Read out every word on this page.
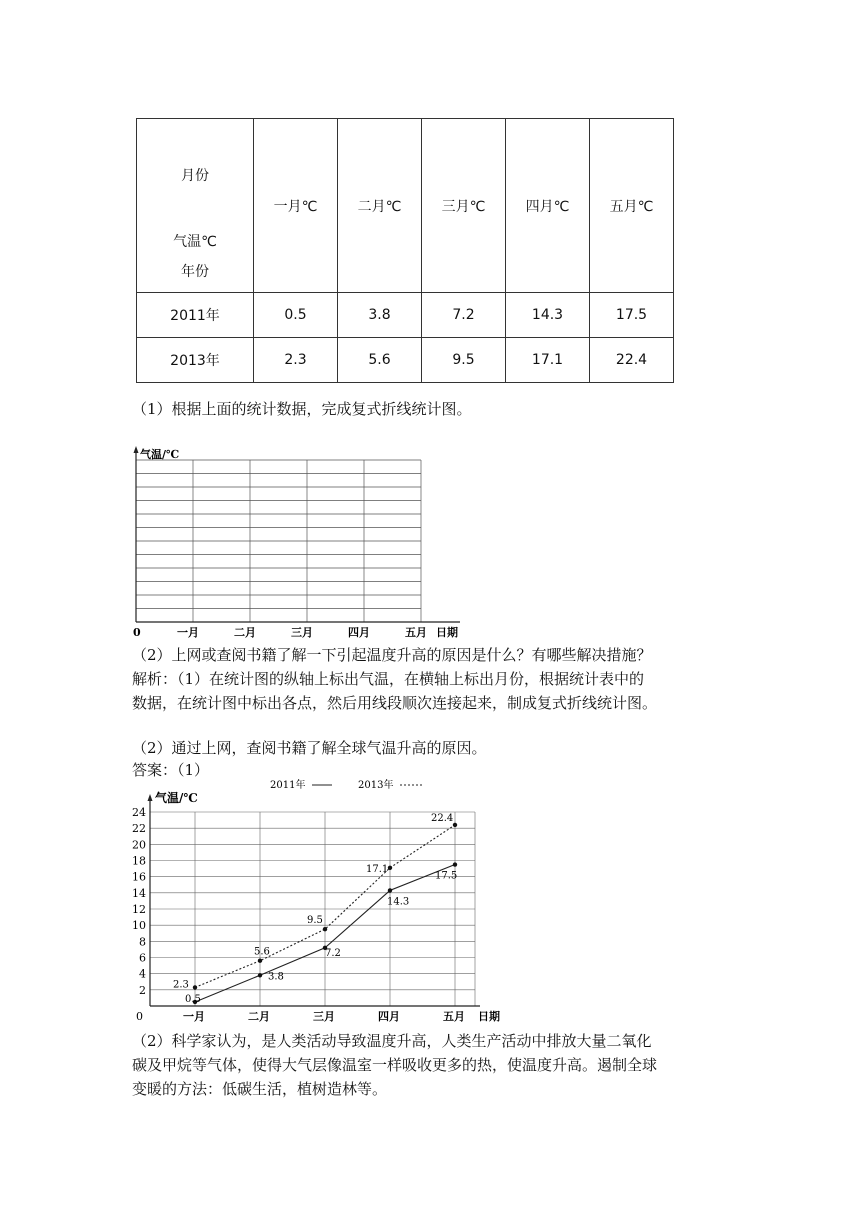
月份
气温℃
年份	一月℃	二月℃	三月℃	四月℃	五月℃
2011年	0.5	3.8	7.2	14.3	17.5
2013年	2.3	5.6	9.5	17.1	22.4
（1）根据上面的统计数据，完成复式折线统计图。
气温/℃
0	一月	二月	三月	四月	五月 日期
（2）上网或查阅书籍了解一下引起温度升高的原因是什么？有哪些解决措施？
解析：（1）在统计图的纵轴上标出气温，在横轴上标出月份，根据统计表中的
数据，在统计图中标出各点，然后用线段顺次连接起来，制成复式折线统计图。
（2）通过上网，查阅书籍了解全球气温升高的原因。
答案：（1）
2011年	2013年
气温/℃
0
2
4
6
8
10
12
14
16
18
20
22
24
一月	二月	三月	四月	五月 日期
0.5
3.8
7.2
14.3
17.5
2.3
5.6
9.5
17.1
22.4
（2）科学家认为，是人类活动导致温度升高，人类生产活动中排放大量二氧化
碳及甲烷等气体，使得大气层像温室一样吸收更多的热，使温度升高。遏制全球
变暖的方法：低碳生活，植树造林等。
